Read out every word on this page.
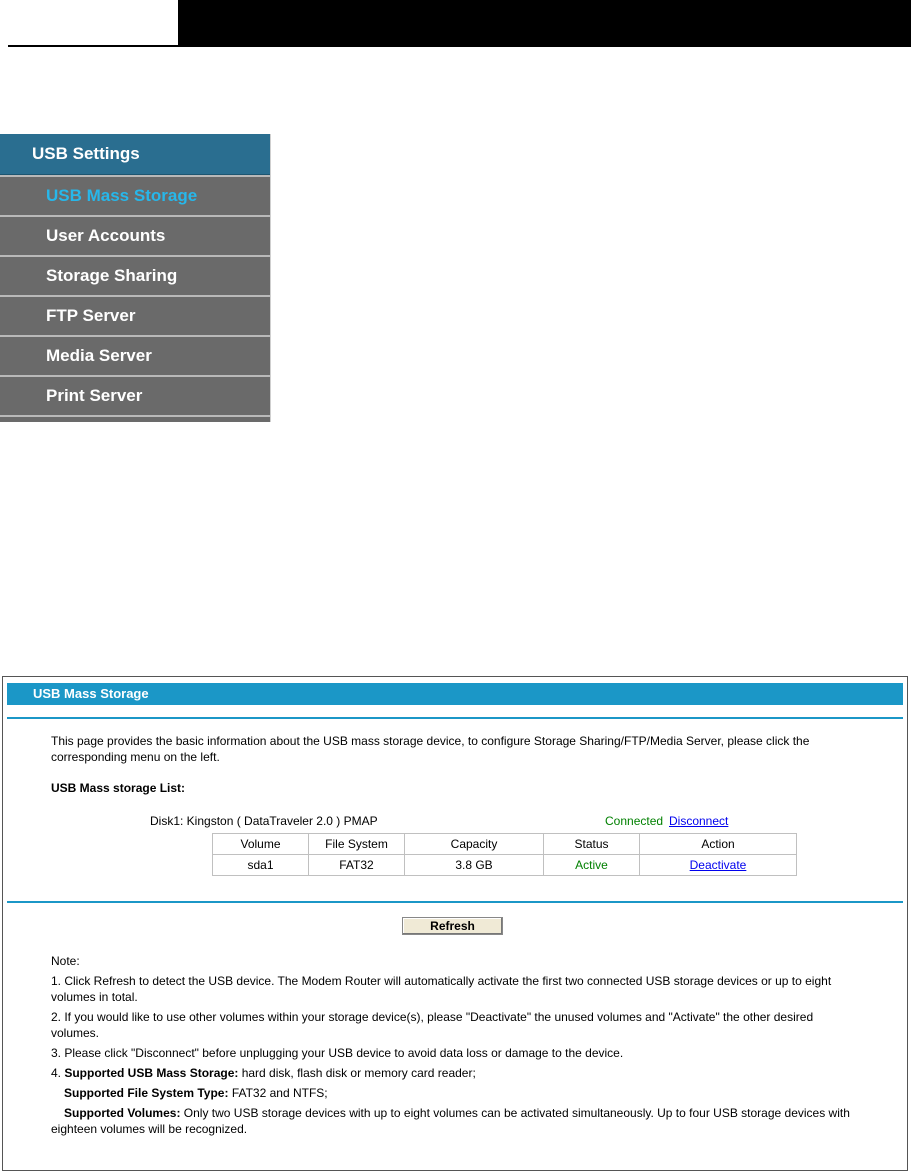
USB Settings
USB Mass Storage
User Accounts
Storage Sharing
FTP Server
Media Server
Print Server
USB Mass Storage
This page provides the basic information about the USB mass storage device, to configure Storage Sharing/FTP/Media Server, please click the corresponding menu on the left.
USB Mass storage List:
Disk1: Kingston ( DataTraveler 2.0 ) PMAP	Connected Disconnect
Volume	File System	Capacity	Status	Action
sda1	FAT32	3.8 GB	Active	Deactivate
Refresh

Note:

1. Click Refresh to detect the USB device. The Modem Router will automatically activate the first two connected USB storage devices or up to eight volumes in total.

2. If you would like to use other volumes within your storage device(s), please "Deactivate" the unused volumes and "Activate" the other desired volumes.

3. Please click "Disconnect" before unplugging your USB device to avoid data loss or damage to the device.

4. Supported USB Mass Storage: hard disk, flash disk or memory card reader;

Supported File System Type: FAT32 and NTFS;

Supported Volumes: Only two USB storage devices with up to eight volumes can be activated simultaneously. Up to four USB storage devices with eighteen volumes will be recognized.
